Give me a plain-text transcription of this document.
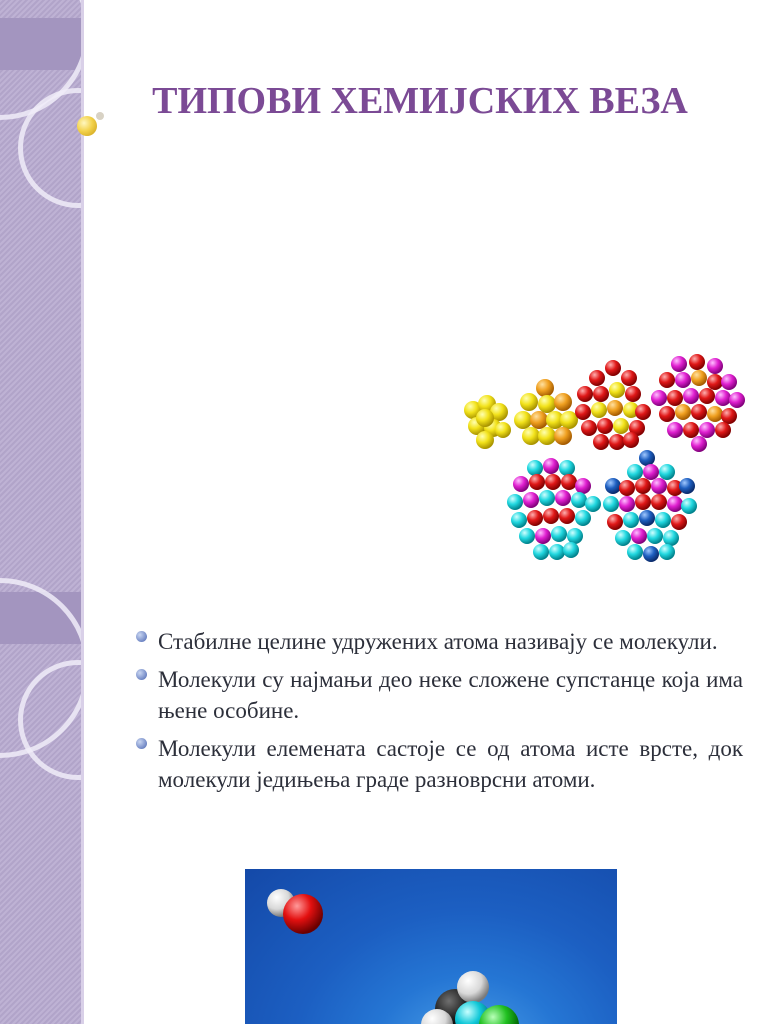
ТИПОВИ ХЕМИЈСКИХ ВЕЗА
Стабилне целине удружених атома називају се молекули.
Молекули су најмањи део неке сложене супстанце која има њене особине.
Молекули елемената састоје се од атома исте врсте, док молекули једињења граде разноврсни атоми.
